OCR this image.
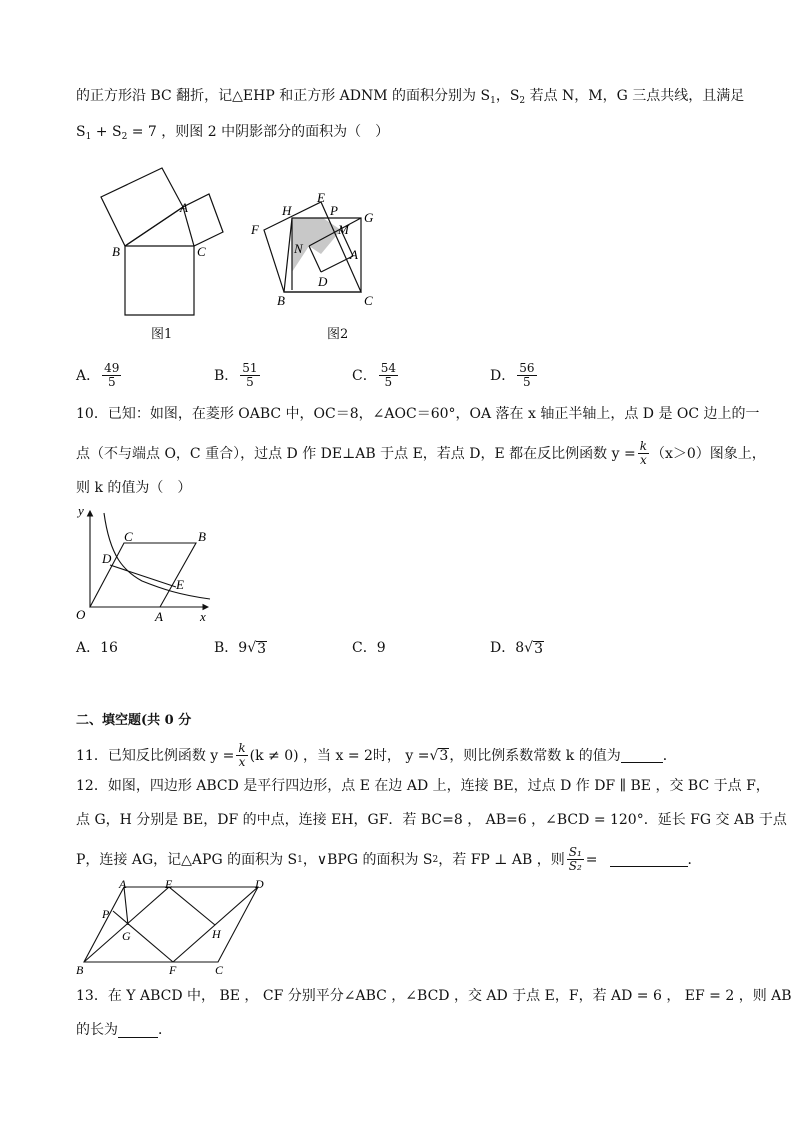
的正方形沿 BC 翻折，记△EHP 和正方形 ADNM 的面积分别为 $S_1$，$S_2$ 若点 N，M，G 三点共线，且满足
$S_1 + S_2 = 7$ ，则图 2 中阴影部分的面积为（　）
A
B	C
图1
H
E
P G
F	M
N	A
D
B	C
图2
A． $\frac{49}{5}$	B． $\frac{51}{5}$	C． $\frac{54}{5}$	D． $\frac{56}{5}$
10．已知：如图，在菱形 OABC 中，OC＝8，∠AOC＝60°，OA 落在 x 轴正半轴上，点 D 是 OC 边上的一
点（不与端点 O，C 重合），过点 D 作 DE⊥AB 于点 E，若点 D，E 都在反比例函数 $y = \frac{k}{x} (x>0)$图象上，
则 k 的值为（　）
y
x
O	A
B
C
D
E
A． 16	B． 9 √ 3	C． 9	D． 8 √ 3
二、填空题(共 0 分
11．已知反比例函数 $y = \frac{k}{x} (k \ne 0)$ ，当 x = 2时， y = √ 3 ，则比例系数常数 k 的值为	．
12．如图，四边形 ABCD 是平行四边形，点 E 在边 AD 上，连接 BE，过点 D 作 DF ∥ BE ，交 BC 于点 F，
点 G，H 分别是 BE，DF 的中点，连接 EH，GF．若 BC=8 ， AB=6 ，∠BCD = 120°．延长 FG 交 AB 于点
P，连接 AG，记△APG 的面积为 S 1 ，∨BPG 的面积为 S 2 ，若 FP ⊥ AB ，则 $\frac{\text{S₁}}{\text{S₂}}$ =	．
A	E	D
P
G	H
B	F	C
13．在 Y ABCD 中， BE ， CF 分别平分∠ABC ，∠BCD ，交 AD 于点 E，F，若 AD = 6 ， EF = 2 ，则 AB
的长为	．
